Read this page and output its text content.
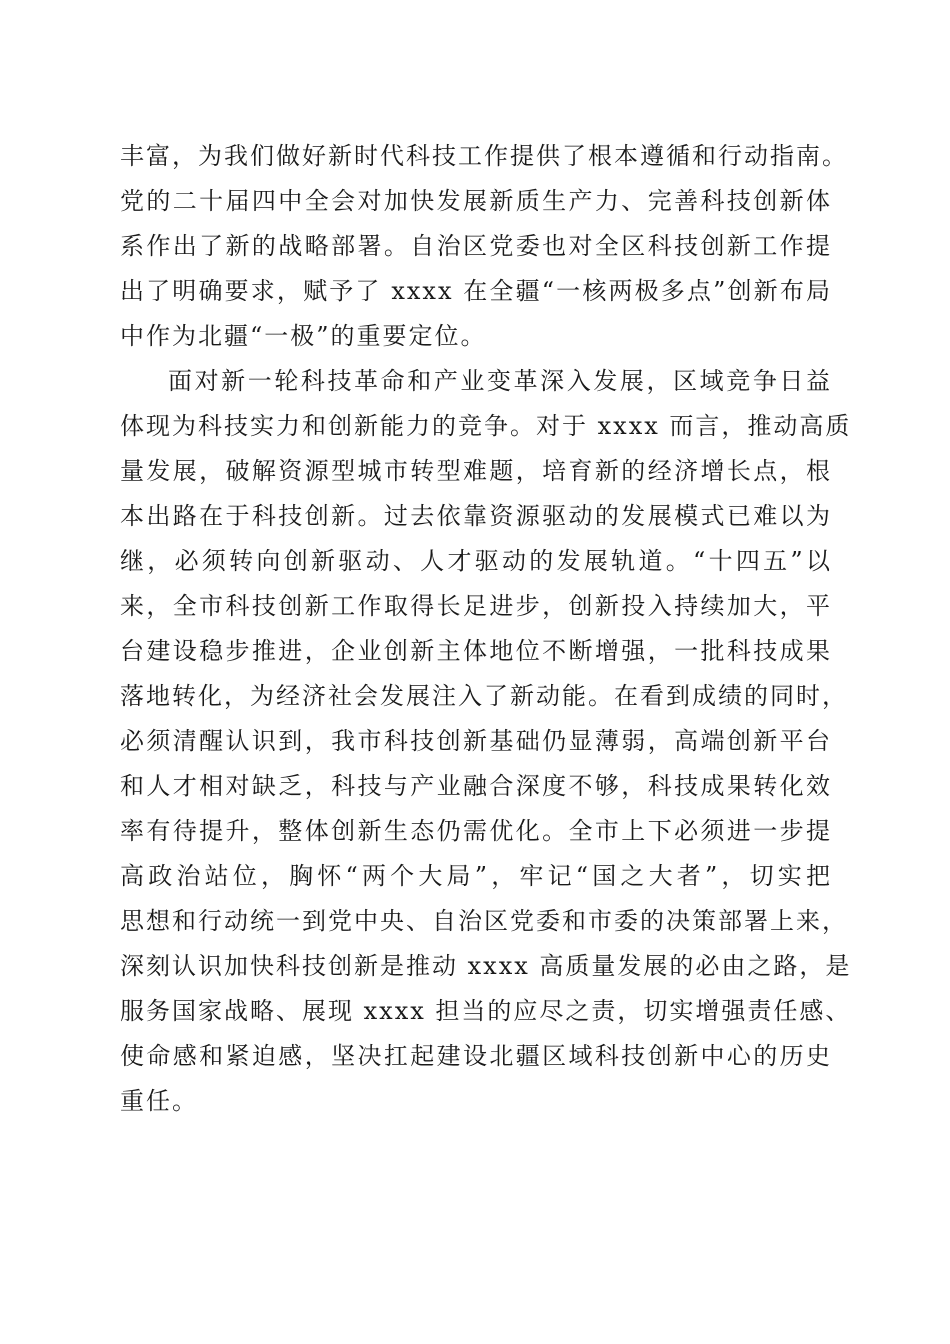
丰富，为我们做好新时代科技工作提供了根本遵循和行动指南。
党的二十届四中全会对加快发展新质生产力、完善科技创新体
系作出了新的战略部署。自治区党委也对全区科技创新工作提
出了明确要求，赋予了 xxxx 在全疆“一核两极多点”创新布局
中作为北疆“一极”的重要定位。
面对新一轮科技革命和产业变革深入发展，区域竞争日益
体现为科技实力和创新能力的竞争。对于 xxxx 而言，推动高质
量发展，破解资源型城市转型难题，培育新的经济增长点，根
本出路在于科技创新。过去依靠资源驱动的发展模式已难以为
继，必须转向创新驱动、人才驱动的发展轨道。“十四五”以
来，全市科技创新工作取得长足进步，创新投入持续加大，平
台建设稳步推进，企业创新主体地位不断增强，一批科技成果
落地转化，为经济社会发展注入了新动能。在看到成绩的同时，
必须清醒认识到，我市科技创新基础仍显薄弱，高端创新平台
和人才相对缺乏，科技与产业融合深度不够，科技成果转化效
率有待提升，整体创新生态仍需优化。全市上下必须进一步提
高政治站位，胸怀“两个大局”，牢记“国之大者”，切实把
思想和行动统一到党中央、自治区党委和市委的决策部署上来，
深刻认识加快科技创新是推动 xxxx 高质量发展的必由之路，是
服务国家战略、展现 xxxx 担当的应尽之责，切实增强责任感、
使命感和紧迫感，坚决扛起建设北疆区域科技创新中心的历史
重任。
